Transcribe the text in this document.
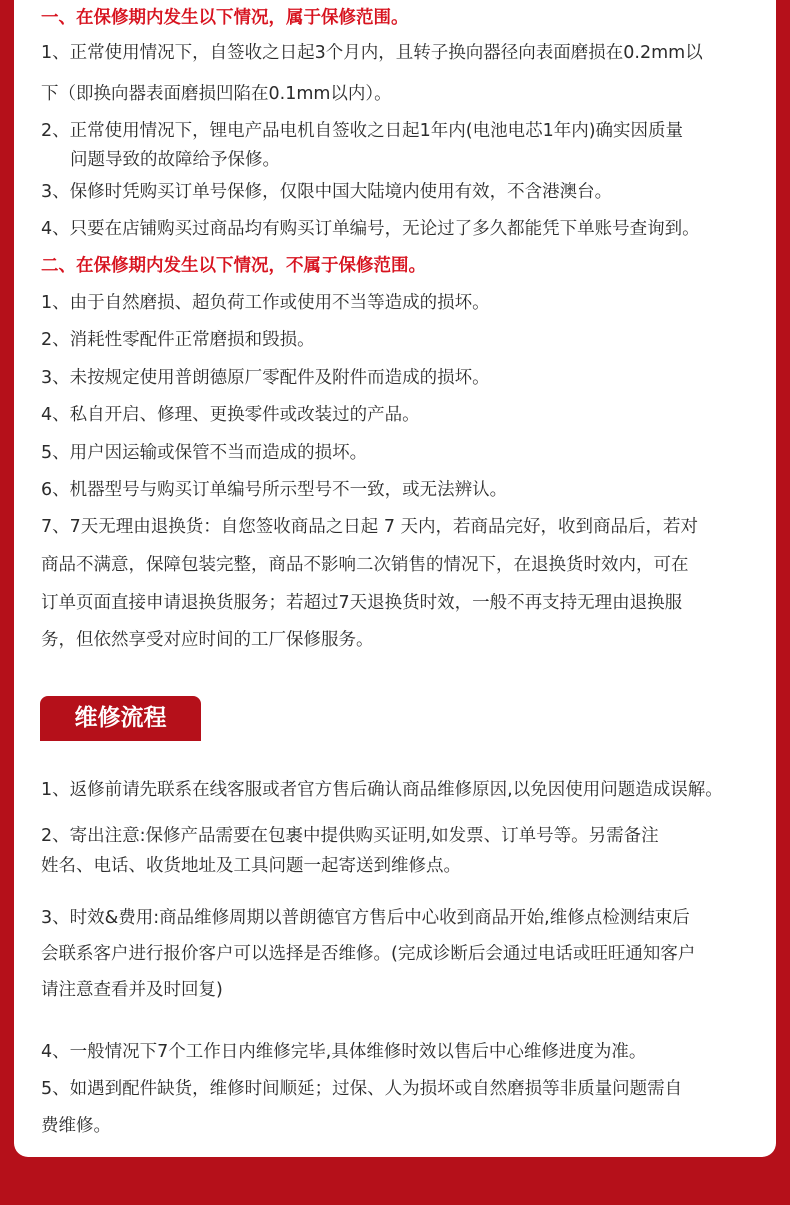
一、在保修期内发生以下情况，属于保修范围。
1、正常使用情况下，自签收之日起3个月内，且转子换向器径向表面磨损在0.2mm以
下（即换向器表面磨损凹陷在0.1mm以内）。
2、正常使用情况下，锂电产品电机自签收之日起1年内(电池电芯1年内)确实因质量
问题导致的故障给予保修。
3、保修时凭购买订单号保修，仅限中国大陆境内使用有效，不含港澳台。
4、只要在店铺购买过商品均有购买订单编号，无论过了多久都能凭下单账号查询到。
二、在保修期内发生以下情况，不属于保修范围。
1、由于自然磨损、超负荷工作或使用不当等造成的损坏。
2、消耗性零配件正常磨损和毁损。
3、未按规定使用普朗德原厂零配件及附件而造成的损坏。
4、私自开启、修理、更换零件或改装过的产品。
5、用户因运输或保管不当而造成的损坏。
6、机器型号与购买订单编号所示型号不一致，或无法辨认。
7、7天无理由退换货：自您签收商品之日起 7 天内，若商品完好，收到商品后，若对
商品不满意，保障包装完整，商品不影响二次销售的情况下，在退换货时效内，可在
订单页面直接申请退换货服务；若超过7天退换货时效，一般不再支持无理由退换服
务，但依然享受对应时间的工厂保修服务。
维修流程
1、返修前请先联系在线客服或者官方售后确认商品维修原因,以免因使用问题造成误解。
2、寄出注意:保修产品需要在包裹中提供购买证明,如发票、订单号等。另需备注
姓名、电话、收货地址及工具问题一起寄送到维修点。
3、时效&费用:商品维修周期以普朗德官方售后中心收到商品开始,维修点检测结束后
会联系客户进行报价客户可以选择是否维修。(完成诊断后会通过电话或旺旺通知客户
请注意查看并及时回复)
4、一般情况下7个工作日内维修完毕,具体维修时效以售后中心维修进度为准。
5、如遇到配件缺货，维修时间顺延；过保、人为损坏或自然磨损等非质量问题需自
费维修。
